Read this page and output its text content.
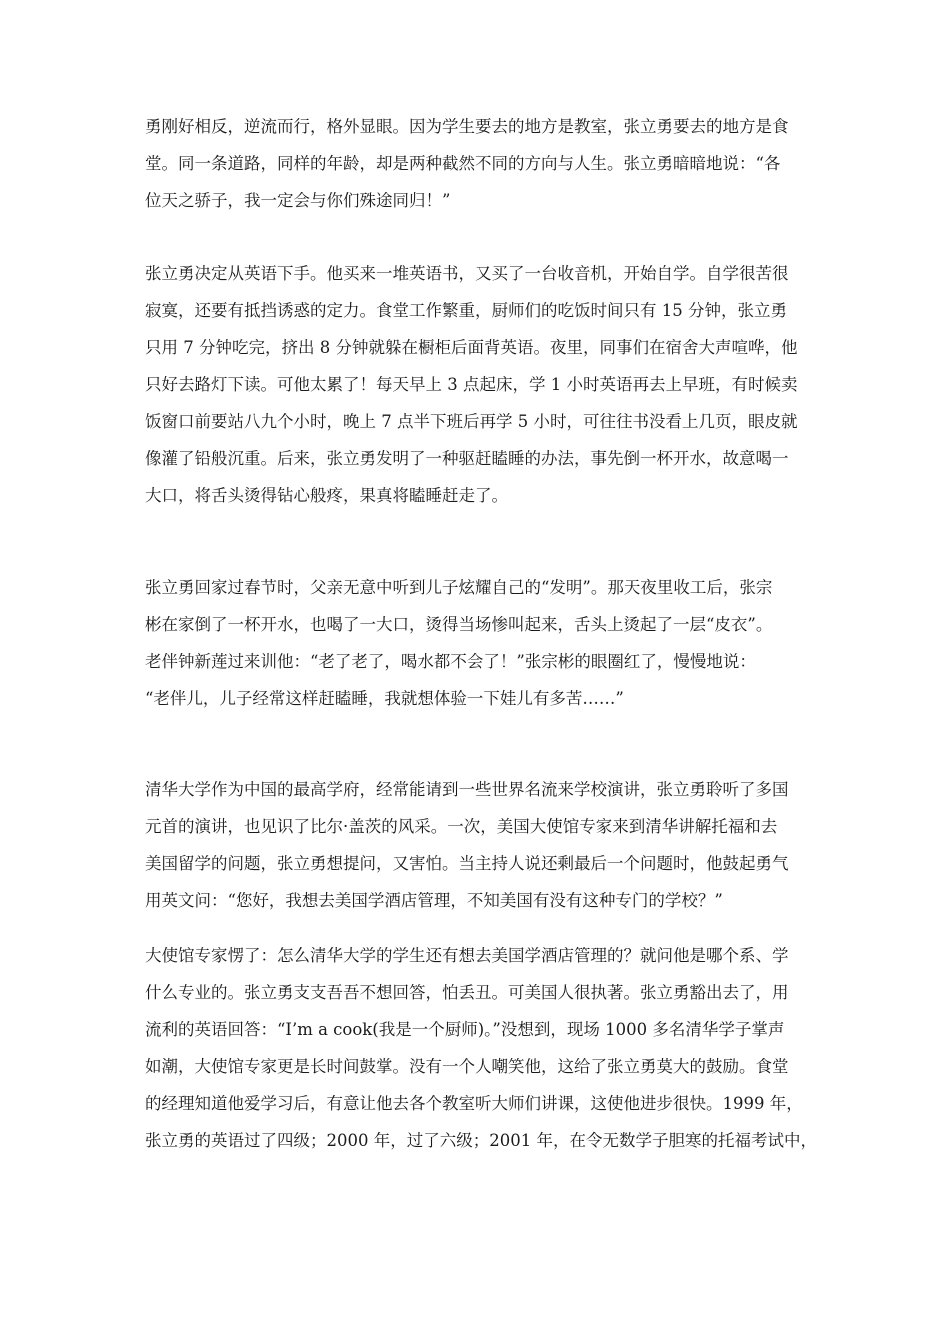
勇刚好相反，逆流而行，格外显眼。因为学生要去的地方是教室，张立勇要去的地方是食
堂。同一条道路，同样的年龄，却是两种截然不同的方向与人生。张立勇暗暗地说：“各
位天之骄子，我一定会与你们殊途同归！”
张立勇决定从英语下手。他买来一堆英语书，又买了一台收音机，开始自学。自学很苦很
寂寞，还要有抵挡诱惑的定力。食堂工作繁重，厨师们的吃饭时间只有 15 分钟，张立勇
只用 7 分钟吃完，挤出 8 分钟就躲在橱柜后面背英语。夜里，同事们在宿舍大声喧哗，他
只好去路灯下读。可他太累了！每天早上 3 点起床，学 1 小时英语再去上早班，有时候卖
饭窗口前要站八九个小时，晚上 7 点半下班后再学 5 小时，可往往书没看上几页，眼皮就
像灌了铅般沉重。后来，张立勇发明了一种驱赶瞌睡的办法，事先倒一杯开水，故意喝一
大口，将舌头烫得钻心般疼，果真将瞌睡赶走了。
张立勇回家过春节时，父亲无意中听到儿子炫耀自己的“发明”。那天夜里收工后，张宗
彬在家倒了一杯开水，也喝了一大口，烫得当场惨叫起来，舌头上烫起了一层“皮衣”。
老伴钟新莲过来训他：“老了老了，喝水都不会了！”张宗彬的眼圈红了，慢慢地说：
“老伴儿，儿子经常这样赶瞌睡，我就想体验一下娃儿有多苦……”
清华大学作为中国的最高学府，经常能请到一些世界名流来学校演讲，张立勇聆听了多国
元首的演讲，也见识了比尔·盖茨的风采。一次，美国大使馆专家来到清华讲解托福和去
美国留学的问题，张立勇想提问，又害怕。当主持人说还剩最后一个问题时，他鼓起勇气
用英文问：“您好，我想去美国学酒店管理，不知美国有没有这种专门的学校？”
大使馆专家愣了：怎么清华大学的学生还有想去美国学酒店管理的？就问他是哪个系、学
什么专业的。张立勇支支吾吾不想回答，怕丢丑。可美国人很执著。张立勇豁出去了，用
流利的英语回答：“I’m a cook(我是一个厨师)。”没想到，现场 1000 多名清华学子掌声
如潮，大使馆专家更是长时间鼓掌。没有一个人嘲笑他，这给了张立勇莫大的鼓励。食堂
的经理知道他爱学习后，有意让他去各个教室听大师们讲课，这使他进步很快。1999 年，
张立勇的英语过了四级；2000 年，过了六级；2001 年，在令无数学子胆寒的托福考试中，
